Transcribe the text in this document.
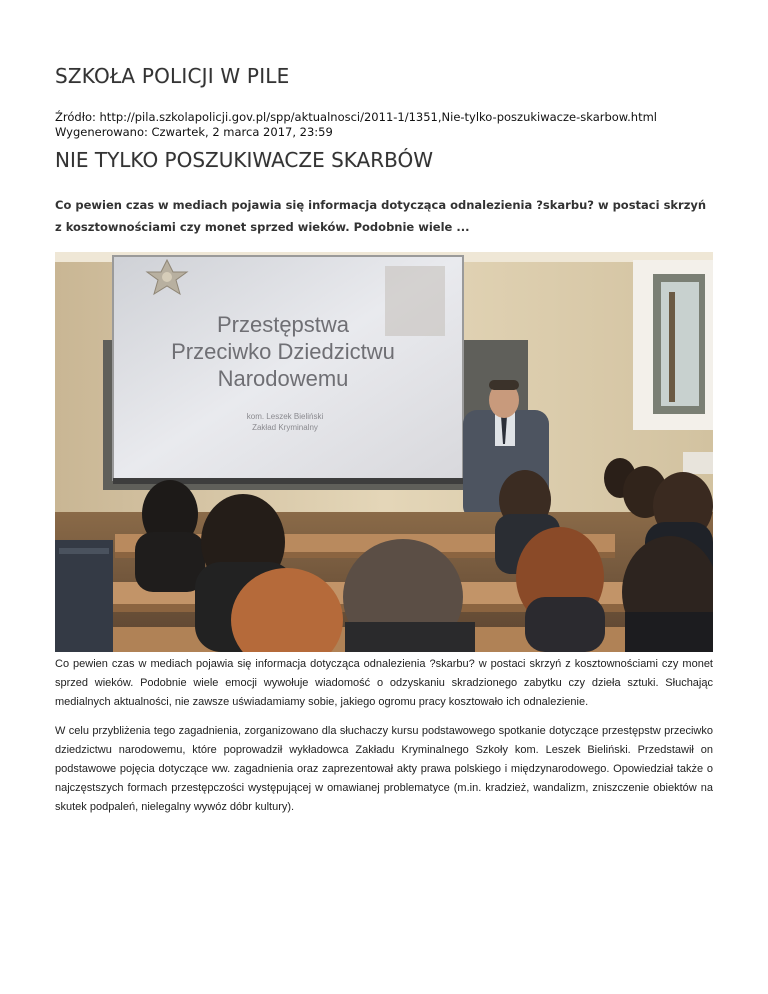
SZKOŁA POLICJI W PILE
Źródło: http://pila.szkolapolicji.gov.pl/spp/aktualnosci/2011-1/1351,Nie-tylko-poszukiwacze-skarbow.html
Wygenerowano: Czwartek, 2 marca 2017, 23:59
NIE TYLKO POSZUKIWACZE SKARBÓW

Co pewien czas w mediach pojawia się informacja dotycząca odnalezienia ?skarbu? w postaci skrzyń z kosztownościami czy monet sprzed wieków. Podobnie wiele ...

Przestępstwa
Przeciwko Dziedzictwu
Narodowemu
kom. Leszek Bieliński
Zakład Kryminalny

Co pewien czas w mediach pojawia się informacja dotycząca odnalezienia ?skarbu? w postaci skrzyń z kosztownościami czy monet sprzed wieków. Podobnie wiele emocji wywołuje wiadomość o odzyskaniu skradzionego zabytku czy dzieła sztuki. Słuchając medialnych aktualności, nie zawsze uświadamiamy sobie, jakiego ogromu pracy kosztowało ich odnalezienie.

W celu przybliżenia tego zagadnienia, zorganizowano dla słuchaczy kursu podstawowego spotkanie dotyczące przestępstw przeciwko dziedzictwu narodowemu, które poprowadził wykładowca Zakładu Kryminalnego Szkoły kom. Leszek Bieliński. Przedstawił on podstawowe pojęcia dotyczące ww. zagadnienia oraz zaprezentował akty prawa polskiego i międzynarodowego. Opowiedział także o najczęstszych formach przestępczości występującej w omawianej problematyce (m.in. kradzież, wandalizm, zniszczenie obiektów na skutek podpaleń, nielegalny wywóz dóbr kultury).
